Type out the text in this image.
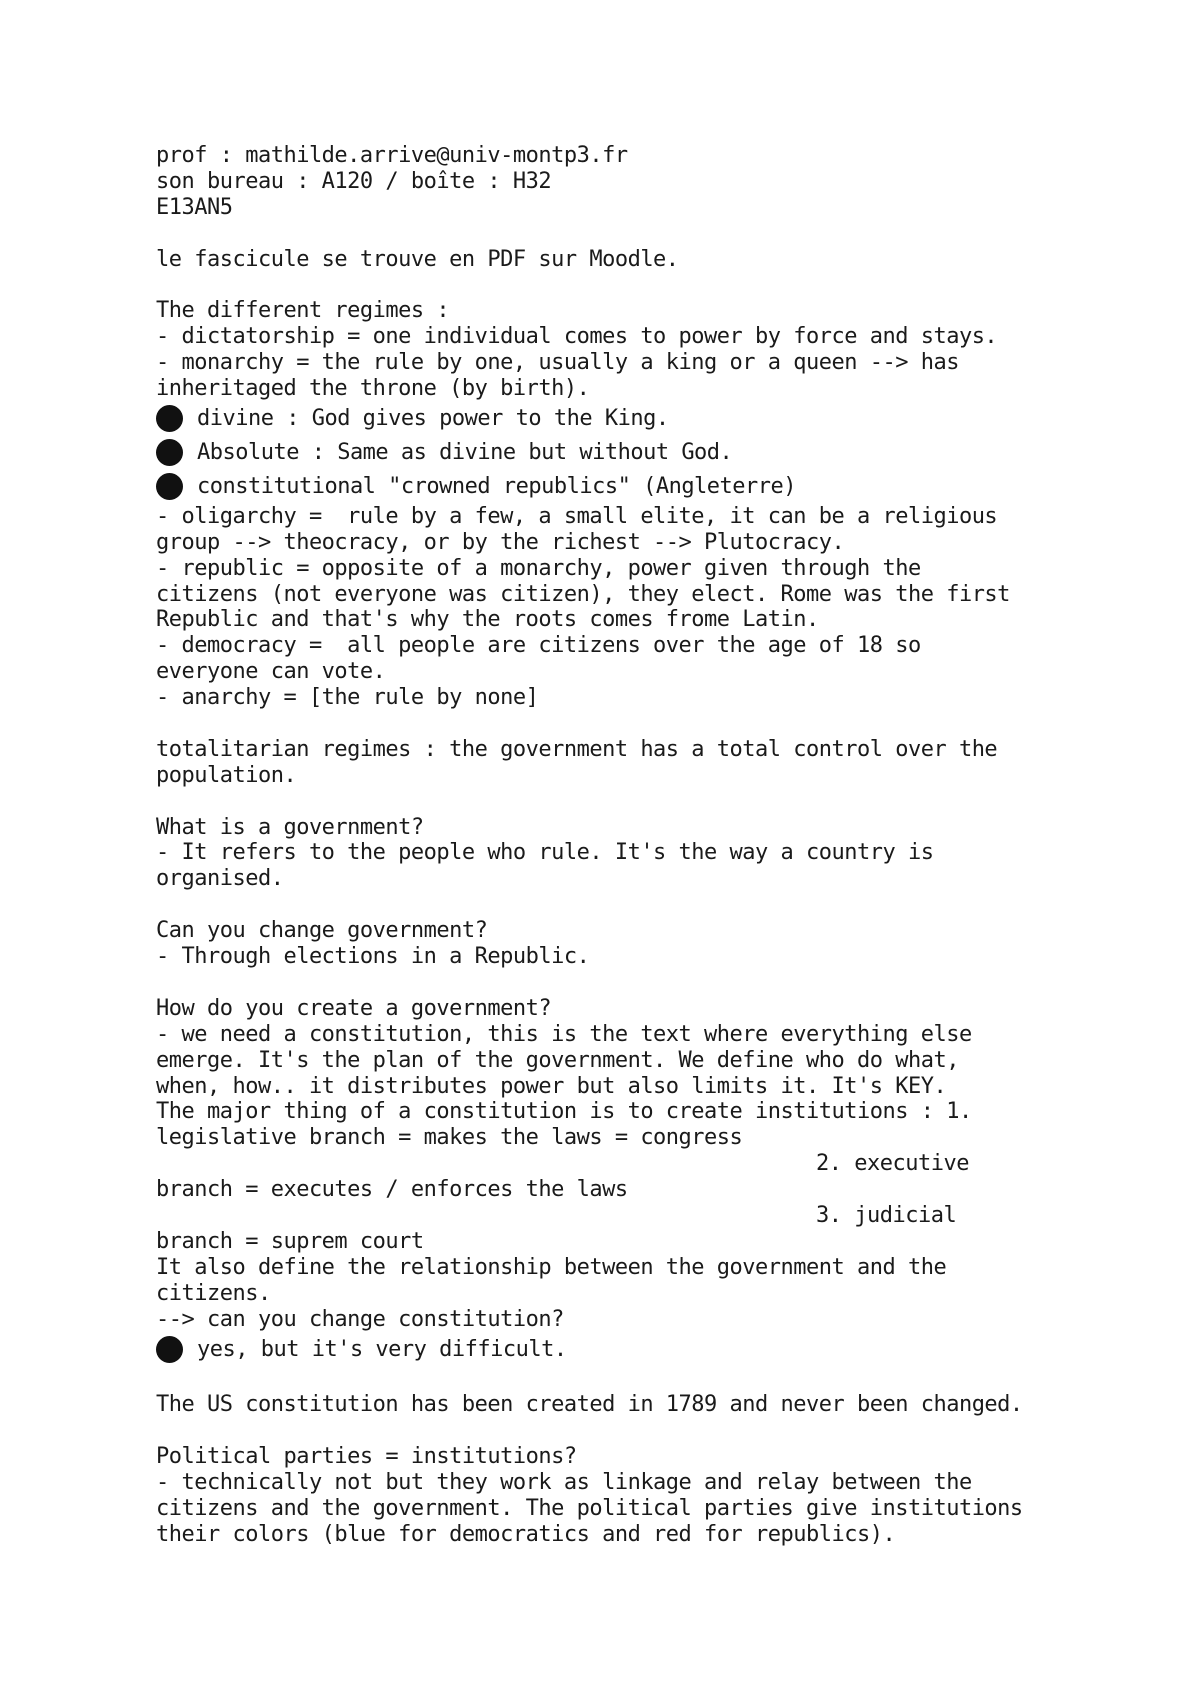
prof : mathilde.arrive@univ-montp3.fr
son bureau : A120 / boîte : H32
E13AN5
le fascicule se trouve en PDF sur Moodle.
The different regimes :
- dictatorship = one individual comes to power by force and stays.
- monarchy = the rule by one, usually a king or a queen --> has
inheritaged the throne (by birth).
divine : God gives power to the King.
Absolute : Same as divine but without God.
constitutional "crowned republics" (Angleterre)
- oligarchy =  rule by a few, a small elite, it can be a religious
group --> theocracy, or by the richest --> Plutocracy.
- republic = opposite of a monarchy, power given through the
citizens (not everyone was citizen), they elect. Rome was the first
Republic and that's why the roots comes frome Latin.
- democracy =  all people are citizens over the age of 18 so
everyone can vote.
- anarchy = [the rule by none]
totalitarian regimes : the government has a total control over the
population.
What is a government?
- It refers to the people who rule. It's the way a country is
organised.
Can you change government?
- Through elections in a Republic.
How do you create a government?
- we need a constitution, this is the text where everything else
emerge. It's the plan of the government. We define who do what,
when, how.. it distributes power but also limits it. It's KEY.
The major thing of a constitution is to create institutions : 1.
legislative branch = makes the laws = congress
2. executive
branch = executes / enforces the laws
3. judicial
branch = suprem court
It also define the relationship between the government and the
citizens.
--> can you change constitution?
yes, but it's very difficult.
The US constitution has been created in 1789 and never been changed.
Political parties = institutions?
- technically not but they work as linkage and relay between the
citizens and the government. The political parties give institutions
their colors (blue for democratics and red for republics).
